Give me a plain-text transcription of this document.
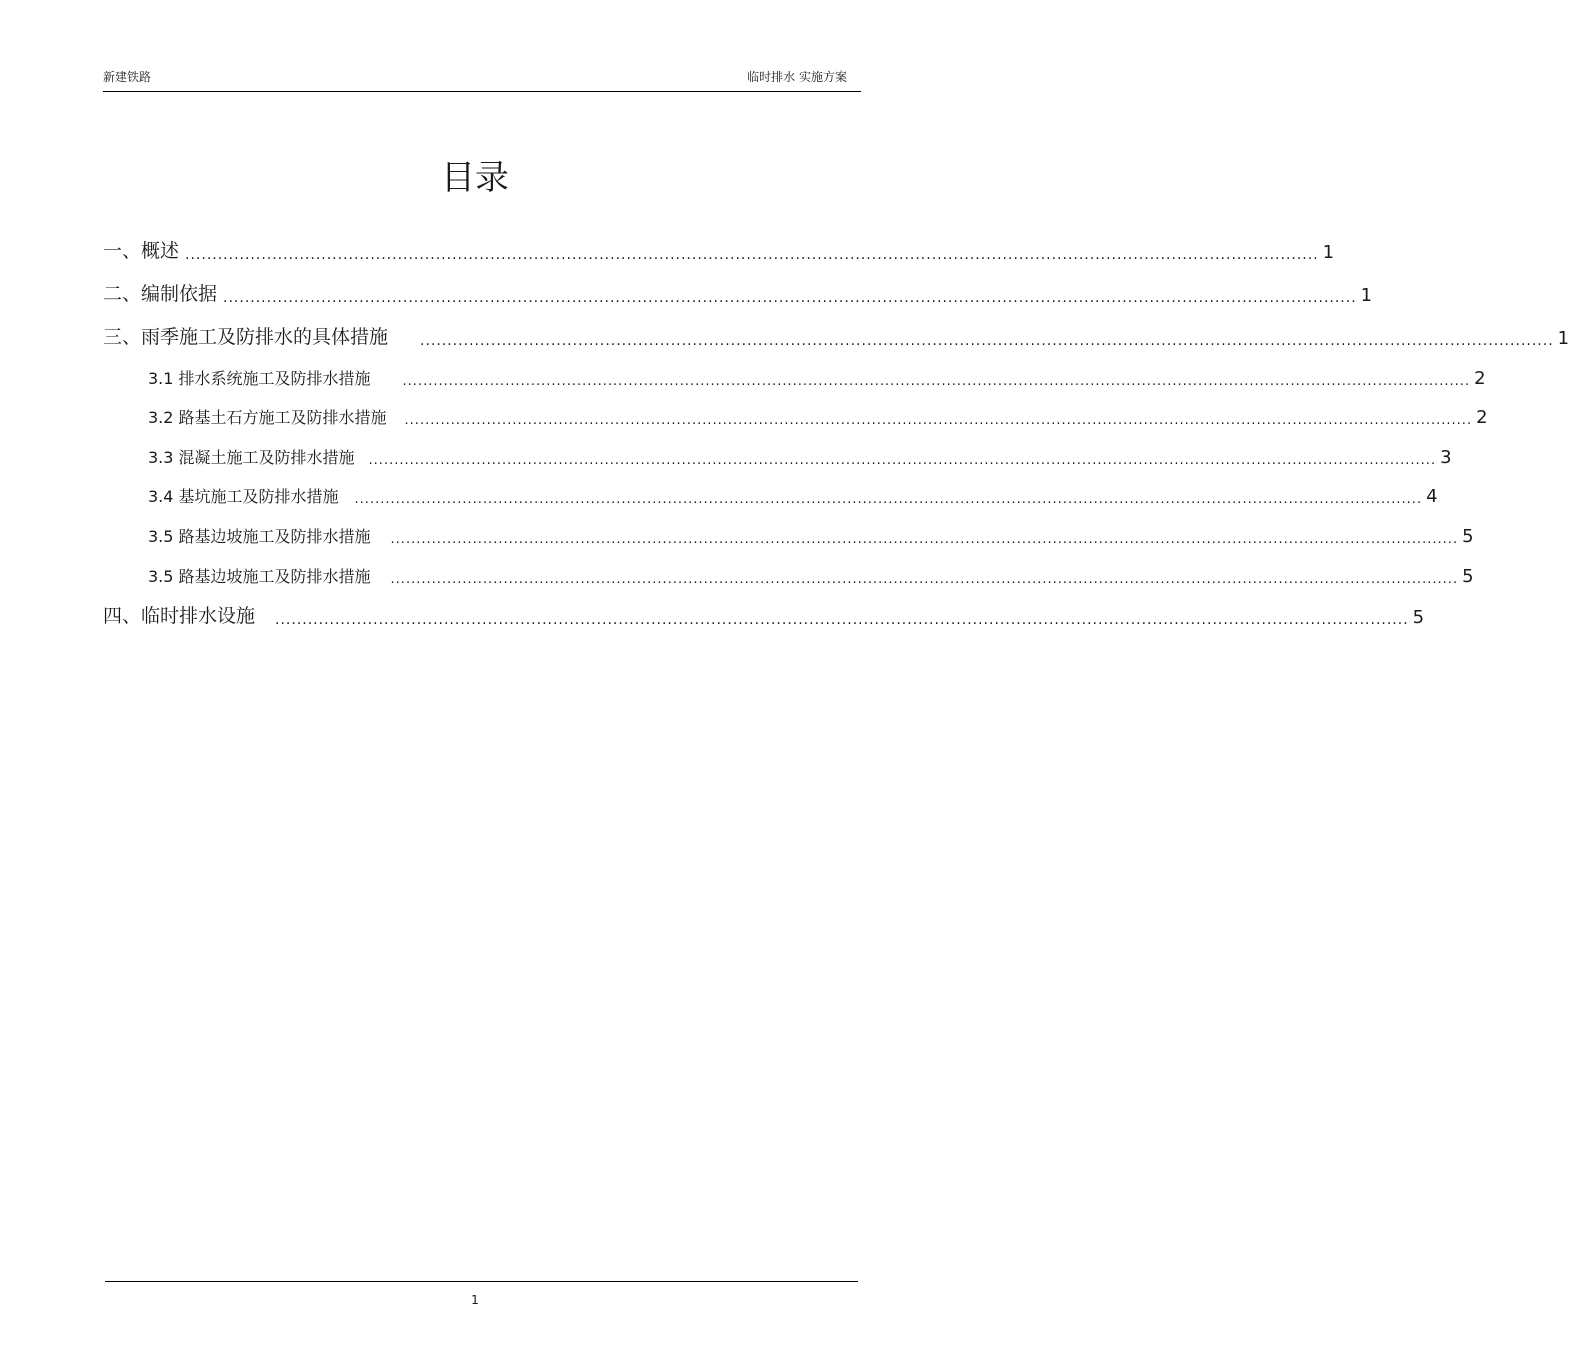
新建铁路	临时排水 实施方案
目录
一、概述 ................................................................................................................................................................................................................ 1
二、编制依据 ................................................................................................................................................................................................................ 1
三、雨季施工及防排水的具体措施 ................................................................................................................................................................................................................ 1
3.1 排水系统施工及防排水措施 ................................................................................................................................................................................................................ 2
3.2 路基土石方施工及防排水措施 ................................................................................................................................................................................................................ 2
3.3 混凝土施工及防排水措施 ................................................................................................................................................................................................................ 3
3.4 基坑施工及防排水措施 ................................................................................................................................................................................................................ 4
3.5 路基边坡施工及防排水措施 ................................................................................................................................................................................................................ 5
3.5 路基边坡施工及防排水措施 ................................................................................................................................................................................................................ 5
四、临时排水设施 ................................................................................................................................................................................................................ 5
1
